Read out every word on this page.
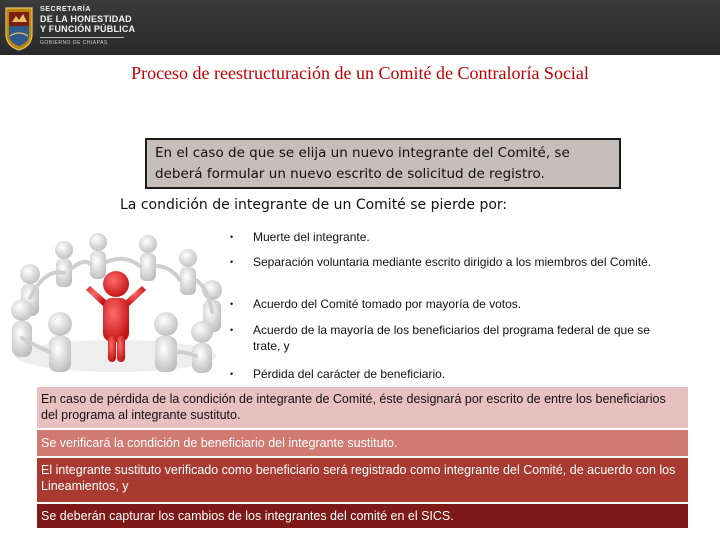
SECRETARÍA
DE LA HONESTIDAD
Y FUNCIÓN PÚBLICA
GOBIERNO DE CHIAPAS
Proceso de reestructuración de un Comité de Contraloría Social
En el caso de que se elija un nuevo integrante del Comité, se deberá formular un nuevo escrito de solicitud de registro.
La condición de integrante de un Comité se pierde por:
• Muerte del integrante.
• Separación voluntaria mediante escrito dirigido a los miembros del Comité.
• Acuerdo del Comité tomado por mayoría de votos.
• Acuerdo de la mayoría de los beneficiarios del programa federal de que se trate, y
• Pérdida del carácter de beneficiario.
En caso de pérdida de la condición de integrante de Comité, éste designará por escrito de entre los beneficiarios del programa al integrante sustituto.
Se verificará la condición de beneficiario del integrante sustituto.
El integrante sustituto verificado como beneficiario será registrado como integrante del Comité, de acuerdo con los Lineamientos, y
Se deberán capturar los cambios de los integrantes del comité en el SICS.
